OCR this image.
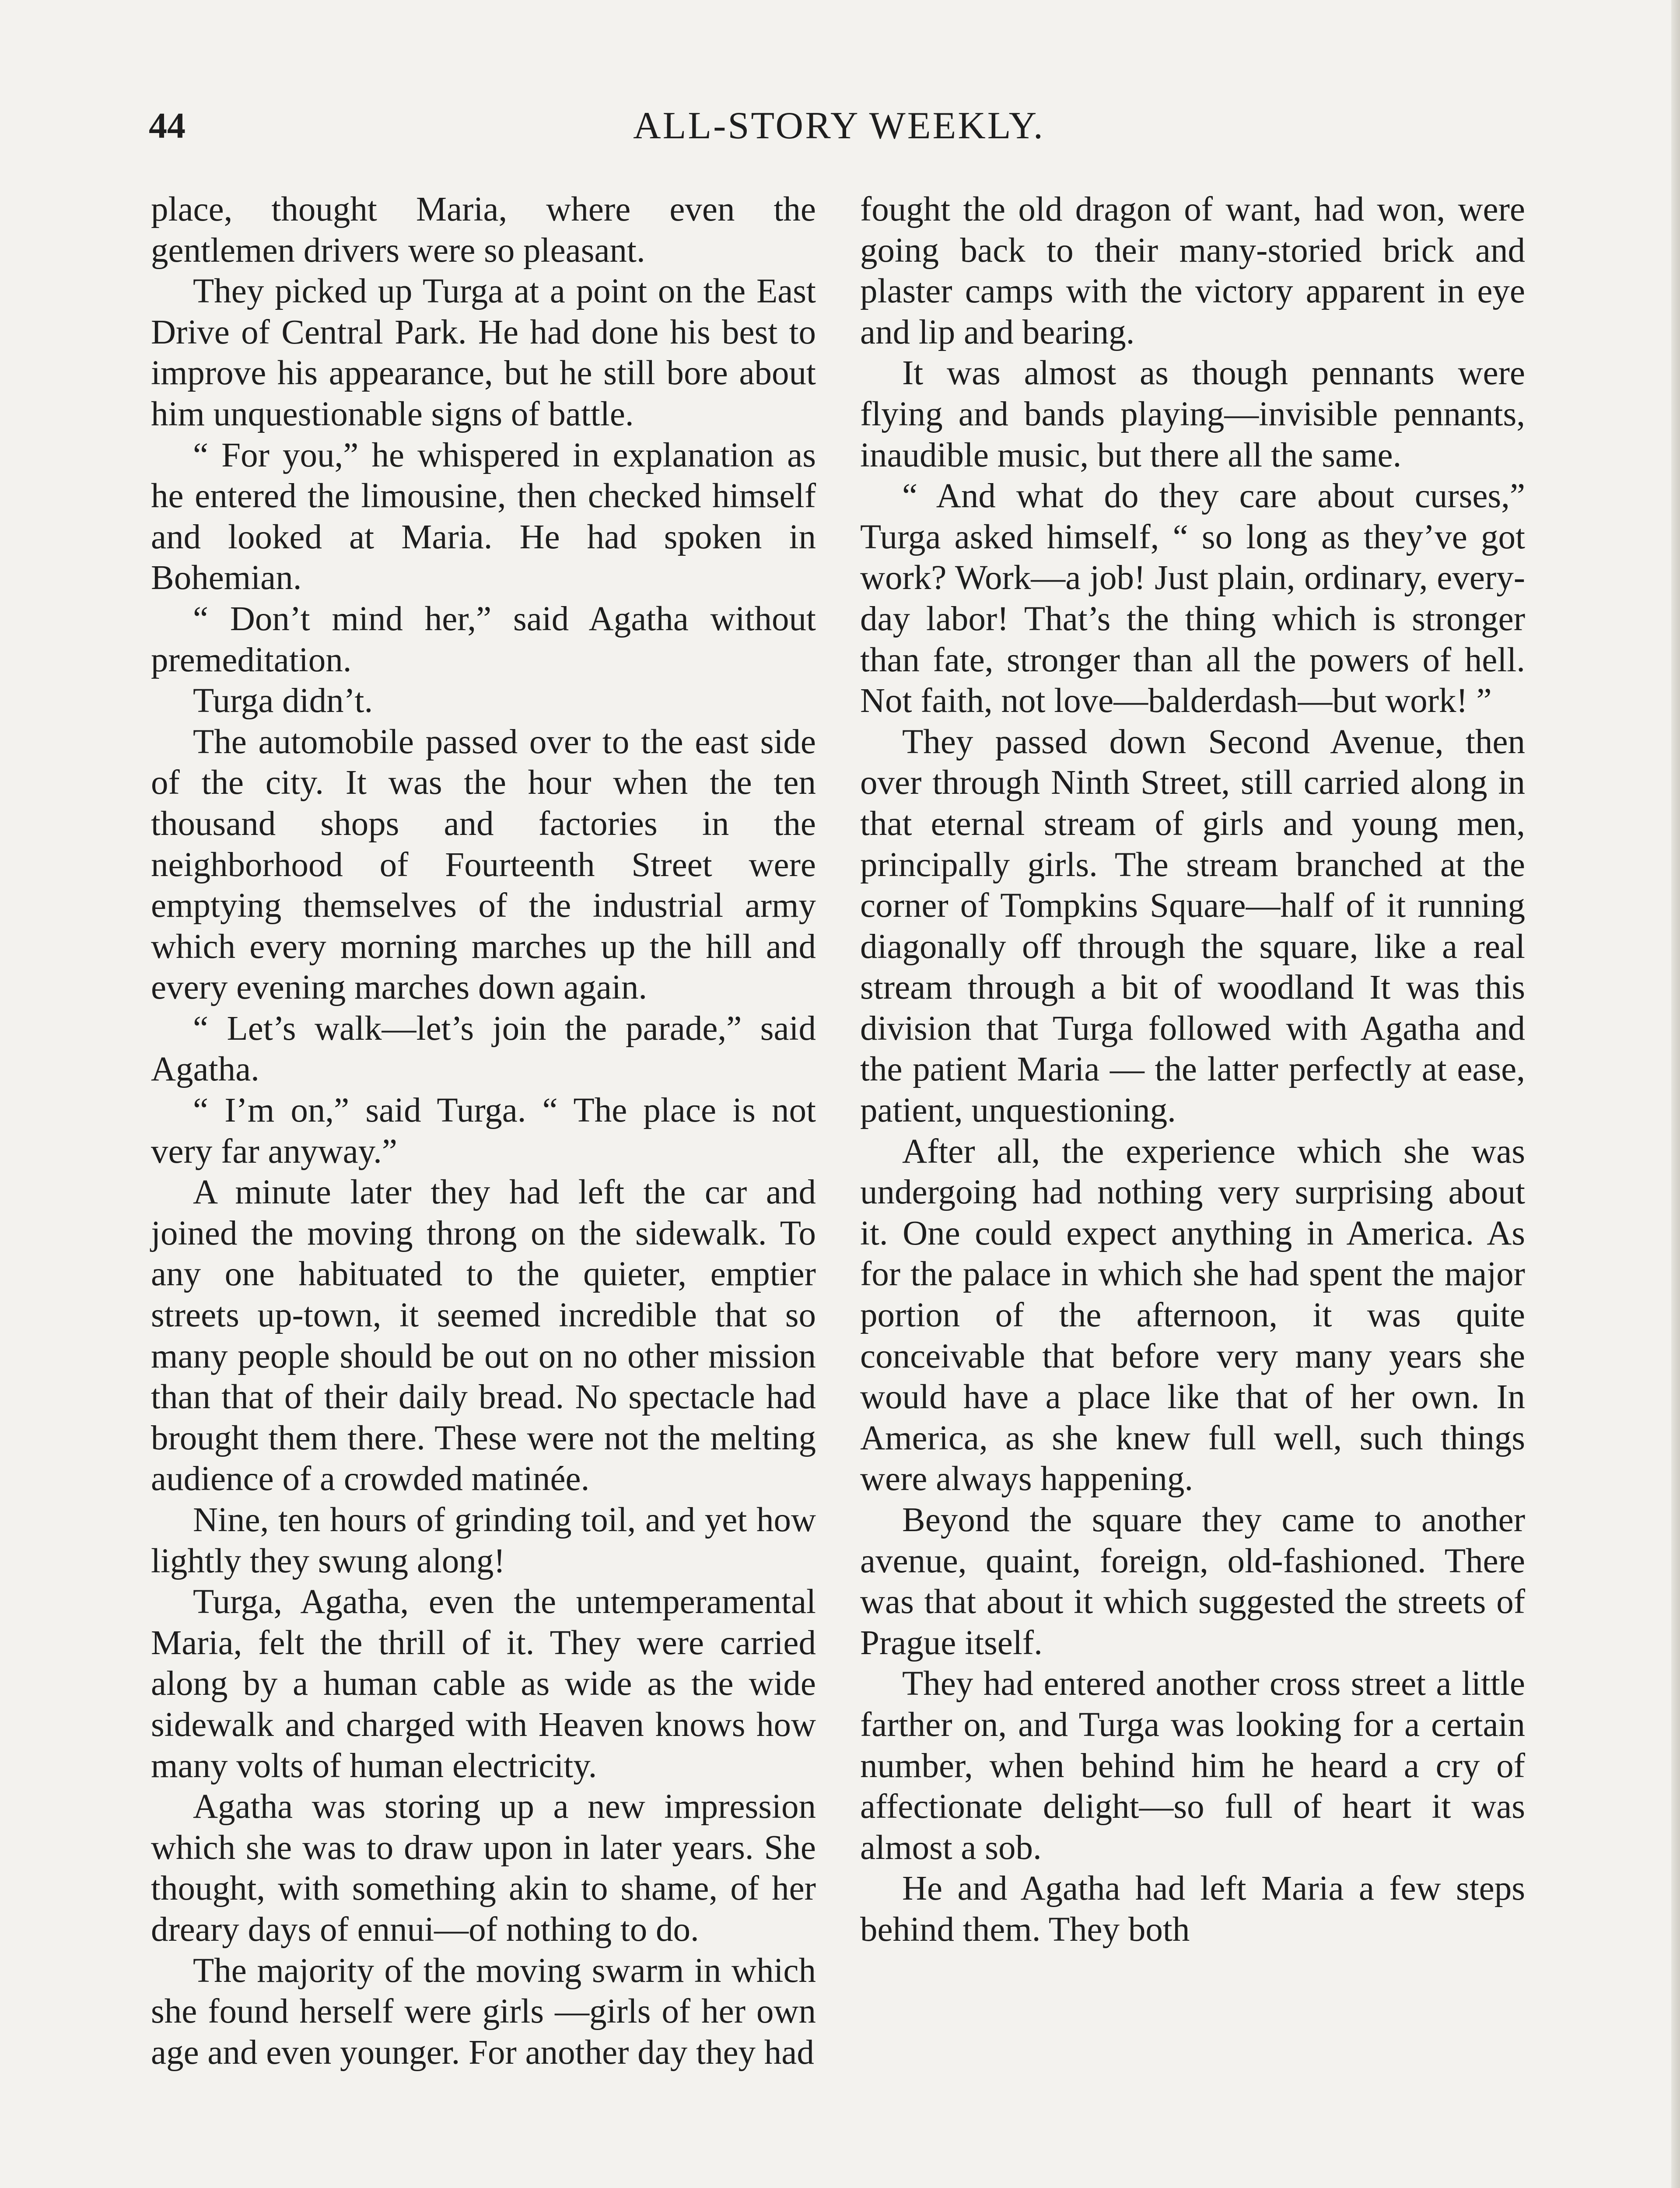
44	ALL-STORY WEEKLY.

place, thought Maria, where even the gentlemen drivers were so pleasant.

They picked up Turga at a point on the East Drive of Central Park. He had done his best to improve his appearance, but he still bore about him unquestionable signs of battle.

“ For you,” he whispered in explanation as he entered the limousine, then checked himself and looked at Maria. He had spoken in Bohemian.

“ Don’t mind her,” said Agatha without premeditation.

Turga didn’t.

The automobile passed over to the east side of the city. It was the hour when the ten thousand shops and factories in the neighborhood of Fourteenth Street were emptying themselves of the industrial army which every morning marches up the hill and every evening marches down again.

“ Let’s walk—let’s join the parade,” said Agatha.

“ I’m on,” said Turga. “ The place is not very far anyway.”

A minute later they had left the car and joined the moving throng on the sidewalk. To any one habituated to the quieter, emptier streets up-town, it seemed incredible that so many people should be out on no other mission than that of their daily bread. No spectacle had brought them there. These were not the melting audience of a crowded matinée.

Nine, ten hours of grinding toil, and yet how lightly they swung along!

Turga, Agatha, even the untemperamental Maria, felt the thrill of it. They were carried along by a human cable as wide as the wide sidewalk and charged with Heaven knows how many volts of human electricity.

Agatha was storing up a new impression which she was to draw upon in later years. She thought, with something akin to shame, of her dreary days of ennui—of nothing to do.

The majority of the moving swarm in which she found herself were girls —girls of her own age and even younger. For another day they had

fought the old dragon of want, had won, were going back to their many-storied brick and plaster camps with the victory apparent in eye and lip and bearing.

It was almost as though pennants were flying and bands playing—invisible pennants, inaudible music, but there all the same.

“ And what do they care about curses,” Turga asked himself, “ so long as they’ve got work? Work—a job! Just plain, ordinary, every-day labor! That’s the thing which is stronger than fate, stronger than all the powers of hell. Not faith, not love—balderdash—but work! ”

They passed down Second Avenue, then over through Ninth Street, still carried along in that eternal stream of girls and young men, principally girls. The stream branched at the corner of Tompkins Square—half of it running diagonally off through the square, like a real stream through a bit of woodland It was this division that Turga followed with Agatha and the patient Maria — the latter perfectly at ease, patient, unquestioning.

After all, the experience which she was undergoing had nothing very surprising about it. One could expect anything in America. As for the palace in which she had spent the major portion of the afternoon, it was quite conceivable that before very many years she would have a place like that of her own. In America, as she knew full well, such things were always happening.

Beyond the square they came to another avenue, quaint, foreign, old-fashioned. There was that about it which suggested the streets of Prague itself.

They had entered another cross street a little farther on, and Turga was looking for a certain number, when behind him he heard a cry of affectionate delight—so full of heart it was almost a sob.

He and Agatha had left Maria a few steps behind them. They both
